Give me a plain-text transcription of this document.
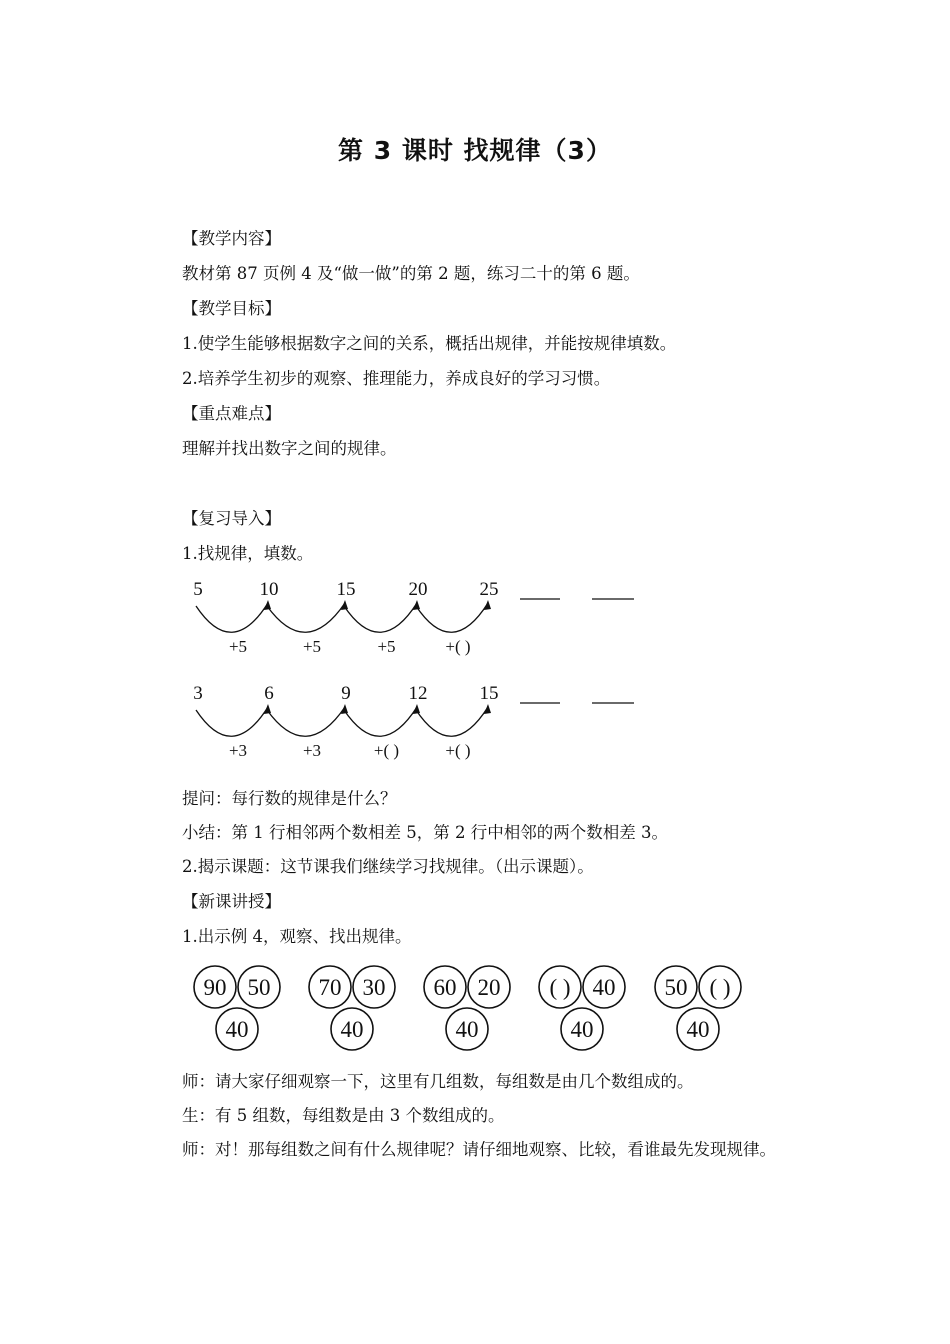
第 3 课时 找规律（3）
【教学内容】
教材第 87 页例 4 及“做一做”的第 2 题，练习二十的第 6 题。
【教学目标】
1.使学生能够根据数字之间的关系，概括出规律，并能按规律填数。
2.培养学生初步的观察、推理能力，养成良好的学习习惯。
【重点难点】
理解并找出数字之间的规律。
【复习导入】
1.找规律，填数。
5	10	15	20	25
+5	+5	+5	+( )
3	6	9	12	15
+3	+3	+( )	+( )
提问：每行数的规律是什么？
小结：第 1 行相邻两个数相差 5，第 2 行中相邻的两个数相差 3。
2.揭示课题：这节课我们继续学习找规律。（出示课题）。
【新课讲授】
1.出示例 4，观察、找出规律。
90 50
40
70 30
40
60 20
40
( ) 40
40
50 ( )
40
师：请大家仔细观察一下，这里有几组数，每组数是由几个数组成的。
生：有 5 组数，每组数是由 3 个数组成的。
师：对！那每组数之间有什么规律呢？请仔细地观察、比较，看谁最先发现规律。
